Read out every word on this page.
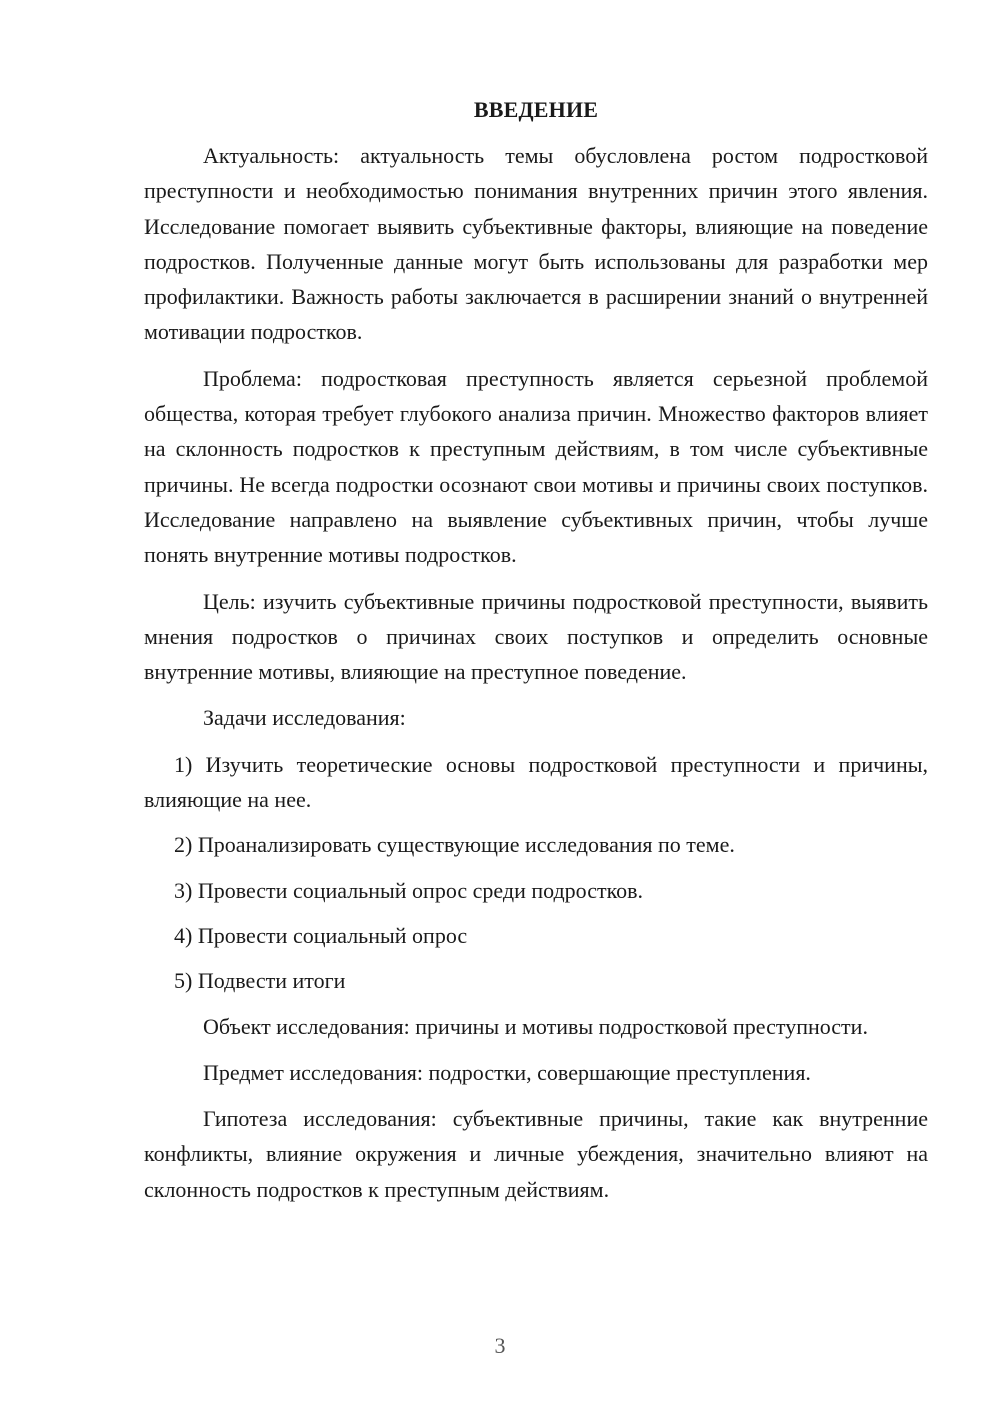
ВВЕДЕНИЕ

Актуальность: актуальность темы обусловлена ростом подростковой преступности и необходимостью понимания внутренних причин этого явления. Исследование помогает выявить субъективные факторы, влияющие на поведение подростков. Полученные данные могут быть использованы для разработки мер профилактики. Важность работы заключается в расширении знаний о внутренней мотивации подростков.

Проблема: подростковая преступность является серьезной проблемой общества, которая требует глубокого анализа причин. Множество факторов влияет на склонность подростков к преступным действиям, в том числе субъективные причины. Не всегда подростки осознают свои мотивы и причины своих поступков. Исследование направлено на выявление субъективных причин, чтобы лучше понять внутренние мотивы подростков.

Цель: изучить субъективные причины подростковой преступности, выявить мнения подростков о причинах своих поступков и определить основные внутренние мотивы, влияющие на преступное поведение.

Задачи исследования:

1) Изучить теоретические основы подростковой преступности и причины, влияющие на нее.

2) Проанализировать существующие исследования по теме.

3) Провести социальный опрос среди подростков.

4) Провести социальный опрос

5) Подвести итоги

Объект исследования: причины и мотивы подростковой преступности.

Предмет исследования: подростки, совершающие преступления.

Гипотеза исследования: субъективные причины, такие как внутренние конфликты, влияние окружения и личные убеждения, значительно влияют на склонность подростков к преступным действиям.

3
